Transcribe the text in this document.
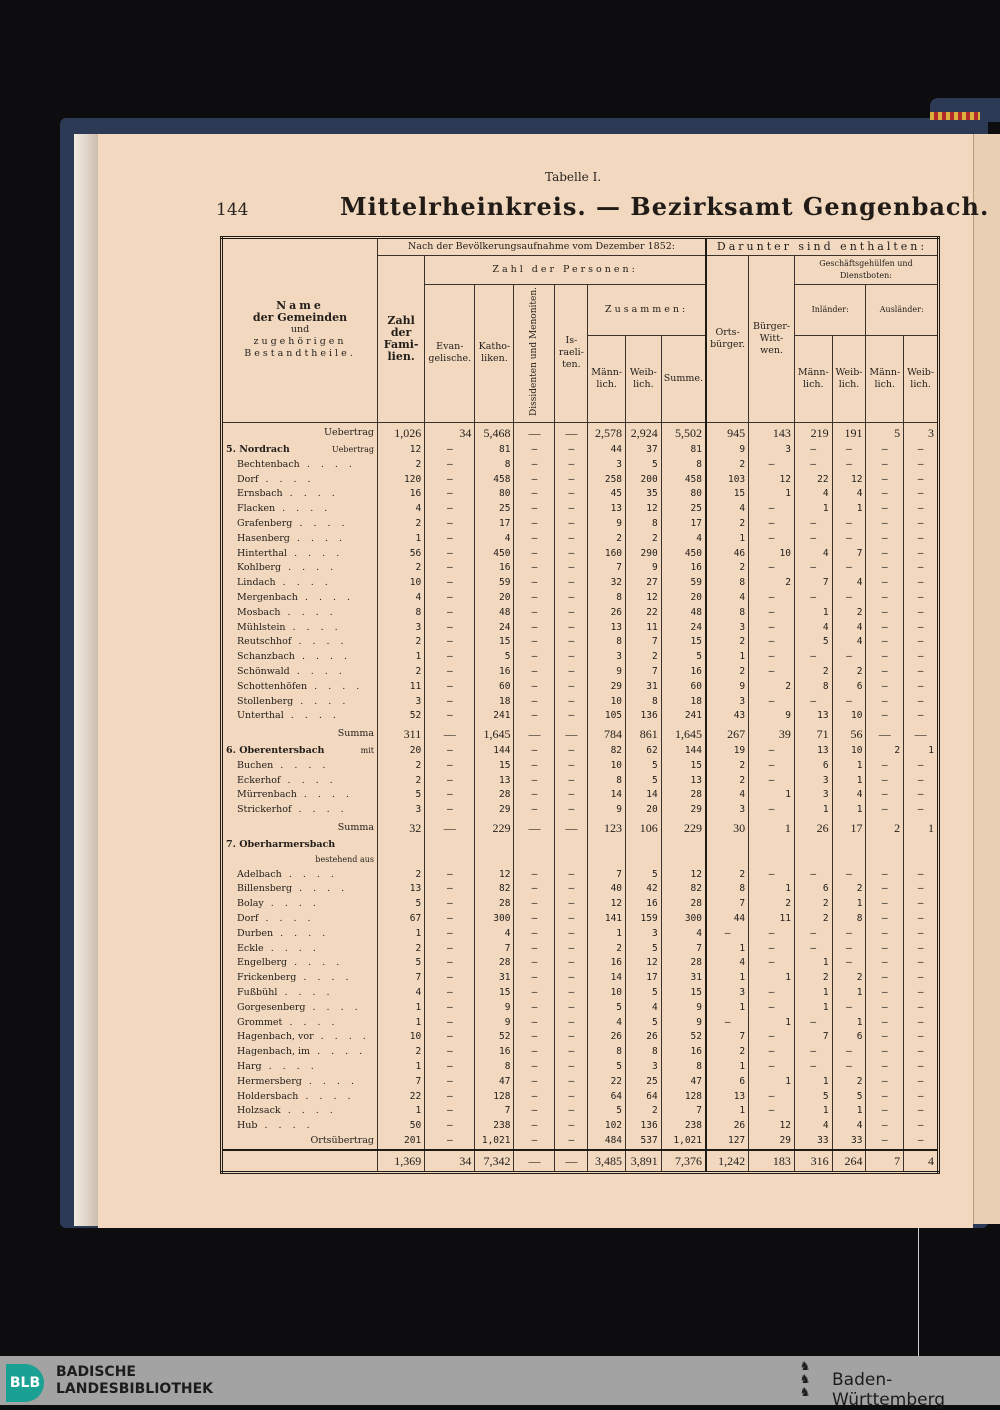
Tabelle I.
144	Mittelrheinkreis. — Bezirksamt Gengenbach.
Name
der Gemeinden
und
zugehörigen
Bestandtheile.	Nach der Bevölkerungsaufnahme vom Dezember 1852:								Darunter sind enthalten:					
	Zahl der Fami-lien.	Zahl der Personen:							Orts-bürger.	Bürger-Witt-wen.	Geschäftsgehülfen und Dienstboten:			
		Evan-gelische.	Katho-liken.	Dissidenten und Menoniten.	Is-raeli-ten.	Zusammen:					Inländer:		Ausländer:	
						Männ-lich.	Weib-lich.	Summe.			Männ-lich.	Weib-lich.	Männ-lich.	Weib-lich.
Uebertrag	1,026	34	5,468	—	—	2,578	2,924	5,502	945	143	219	191	5	3
5. Nordrach Uebertrag	12	—	81	—	—	44	37	81	9	3	—	—	—	—
Bechtenbach . . . .	2	—	8	—	—	3	5	8	2	—	—	—	—	—
Dorf . . . .	120	—	458	—	—	258	200	458	103	12	22	12	—	—
Ernsbach . . . .	16	—	80	—	—	45	35	80	15	1	4	4	—	—
Flacken . . . .	4	—	25	—	—	13	12	25	4	—	1	1	—	—
Grafenberg . . . .	2	—	17	—	—	9	8	17	2	—	—	—	—	—
Hasenberg . . . .	1	—	4	—	—	2	2	4	1	—	—	—	—	—
Hinterthal . . . .	56	—	450	—	—	160	290	450	46	10	4	7	—	—
Kohlberg . . . .	2	—	16	—	—	7	9	16	2	—	—	—	—	—
Lindach . . . .	10	—	59	—	—	32	27	59	8	2	7	4	—	—
Mergenbach . . . .	4	—	20	—	—	8	12	20	4	—	—	—	—	—
Mosbach . . . .	8	—	48	—	—	26	22	48	8	—	1	2	—	—
Mühlstein . . . .	3	—	24	—	—	13	11	24	3	—	4	4	—	—
Reutschhof . . . .	2	—	15	—	—	8	7	15	2	—	5	4	—	—
Schanzbach . . . .	1	—	5	—	—	3	2	5	1	—	—	—	—	—
Schönwald . . . .	2	—	16	—	—	9	7	16	2	—	2	2	—	—
Schottenhöfen . . . .	11	—	60	—	—	29	31	60	9	2	8	6	—	—
Stollenberg . . . .	3	—	18	—	—	10	8	18	3	—	—	—	—	—
Unterthal . . . .	52	—	241	—	—	105	136	241	43	9	13	10	—	—
Summa	311	—	1,645	—	—	784	861	1,645	267	39	71	56	—	—
6. Oberentersbach mit	20	—	144	—	—	82	62	144	19	—	13	10	2	1
Buchen . . . .	2	—	15	—	—	10	5	15	2	—	6	1	—	—
Eckerhof . . . .	2	—	13	—	—	8	5	13	2	—	3	1	—	—
Mürrenbach . . . .	5	—	28	—	—	14	14	28	4	1	3	4	—	—
Strickerhof . . . .	3	—	29	—	—	9	20	29	3	—	1	1	—	—
Summa	32	—	229	—	—	123	106	229	30	1	26	17	2	1
7. Oberharmersbach
bestehend aus														

Adelbach . . . .	2	—	12	—	—	7	5	12	2	—	—	—	—	—
Billensberg . . . .	13	—	82	—	—	40	42	82	8	1	6	2	—	—
Bolay . . . .	5	—	28	—	—	12	16	28	7	2	2	1	—	—
Dorf . . . .	67	—	300	—	—	141	159	300	44	11	2	8	—	—
Durben . . . .	1	—	4	—	—	1	3	4	—	—	—	—	—	—
Eckle . . . .	2	—	7	—	—	2	5	7	1	—	—	—	—	—
Engelberg . . . .	5	—	28	—	—	16	12	28	4	—	1	—	—	—
Frickenberg . . . .	7	—	31	—	—	14	17	31	1	1	2	2	—	—
Fußbühl . . . .	4	—	15	—	—	10	5	15	3	—	1	1	—	—
Gorgesenberg . . . .	1	—	9	—	—	5	4	9	1	—	1	—	—	—
Grommet . . . .	1	—	9	—	—	4	5	9	—	1	—	1	—	—
Hagenbach, vor . . . .	10	—	52	—	—	26	26	52	7	—	7	6	—	—
Hagenbach, im . . . .	2	—	16	—	—	8	8	16	2	—	—	—	—	—
Harg . . . .	1	—	8	—	—	5	3	8	1	—	—	—	—	—
Hermersberg . . . .	7	—	47	—	—	22	25	47	6	1	1	2	—	—
Holdersbach . . . .	22	—	128	—	—	64	64	128	13	—	5	5	—	—
Holzsack . . . .	1	—	7	—	—	5	2	7	1	—	1	1	—	—
Hub . . . .	50	—	238	—	—	102	136	238	26	12	4	4	—	—
Ortsübertrag	201	—	1,021	—	—	484	537	1,021	127	29	33	33	—	—
	1,369	34	7,342	—	—	3,485	3,891	7,376	1,242	183	316	264	7	4
BLB
BADISCHE
LANDESBIBLIOTHEK
♞
♞
♞
Baden-Württemberg
